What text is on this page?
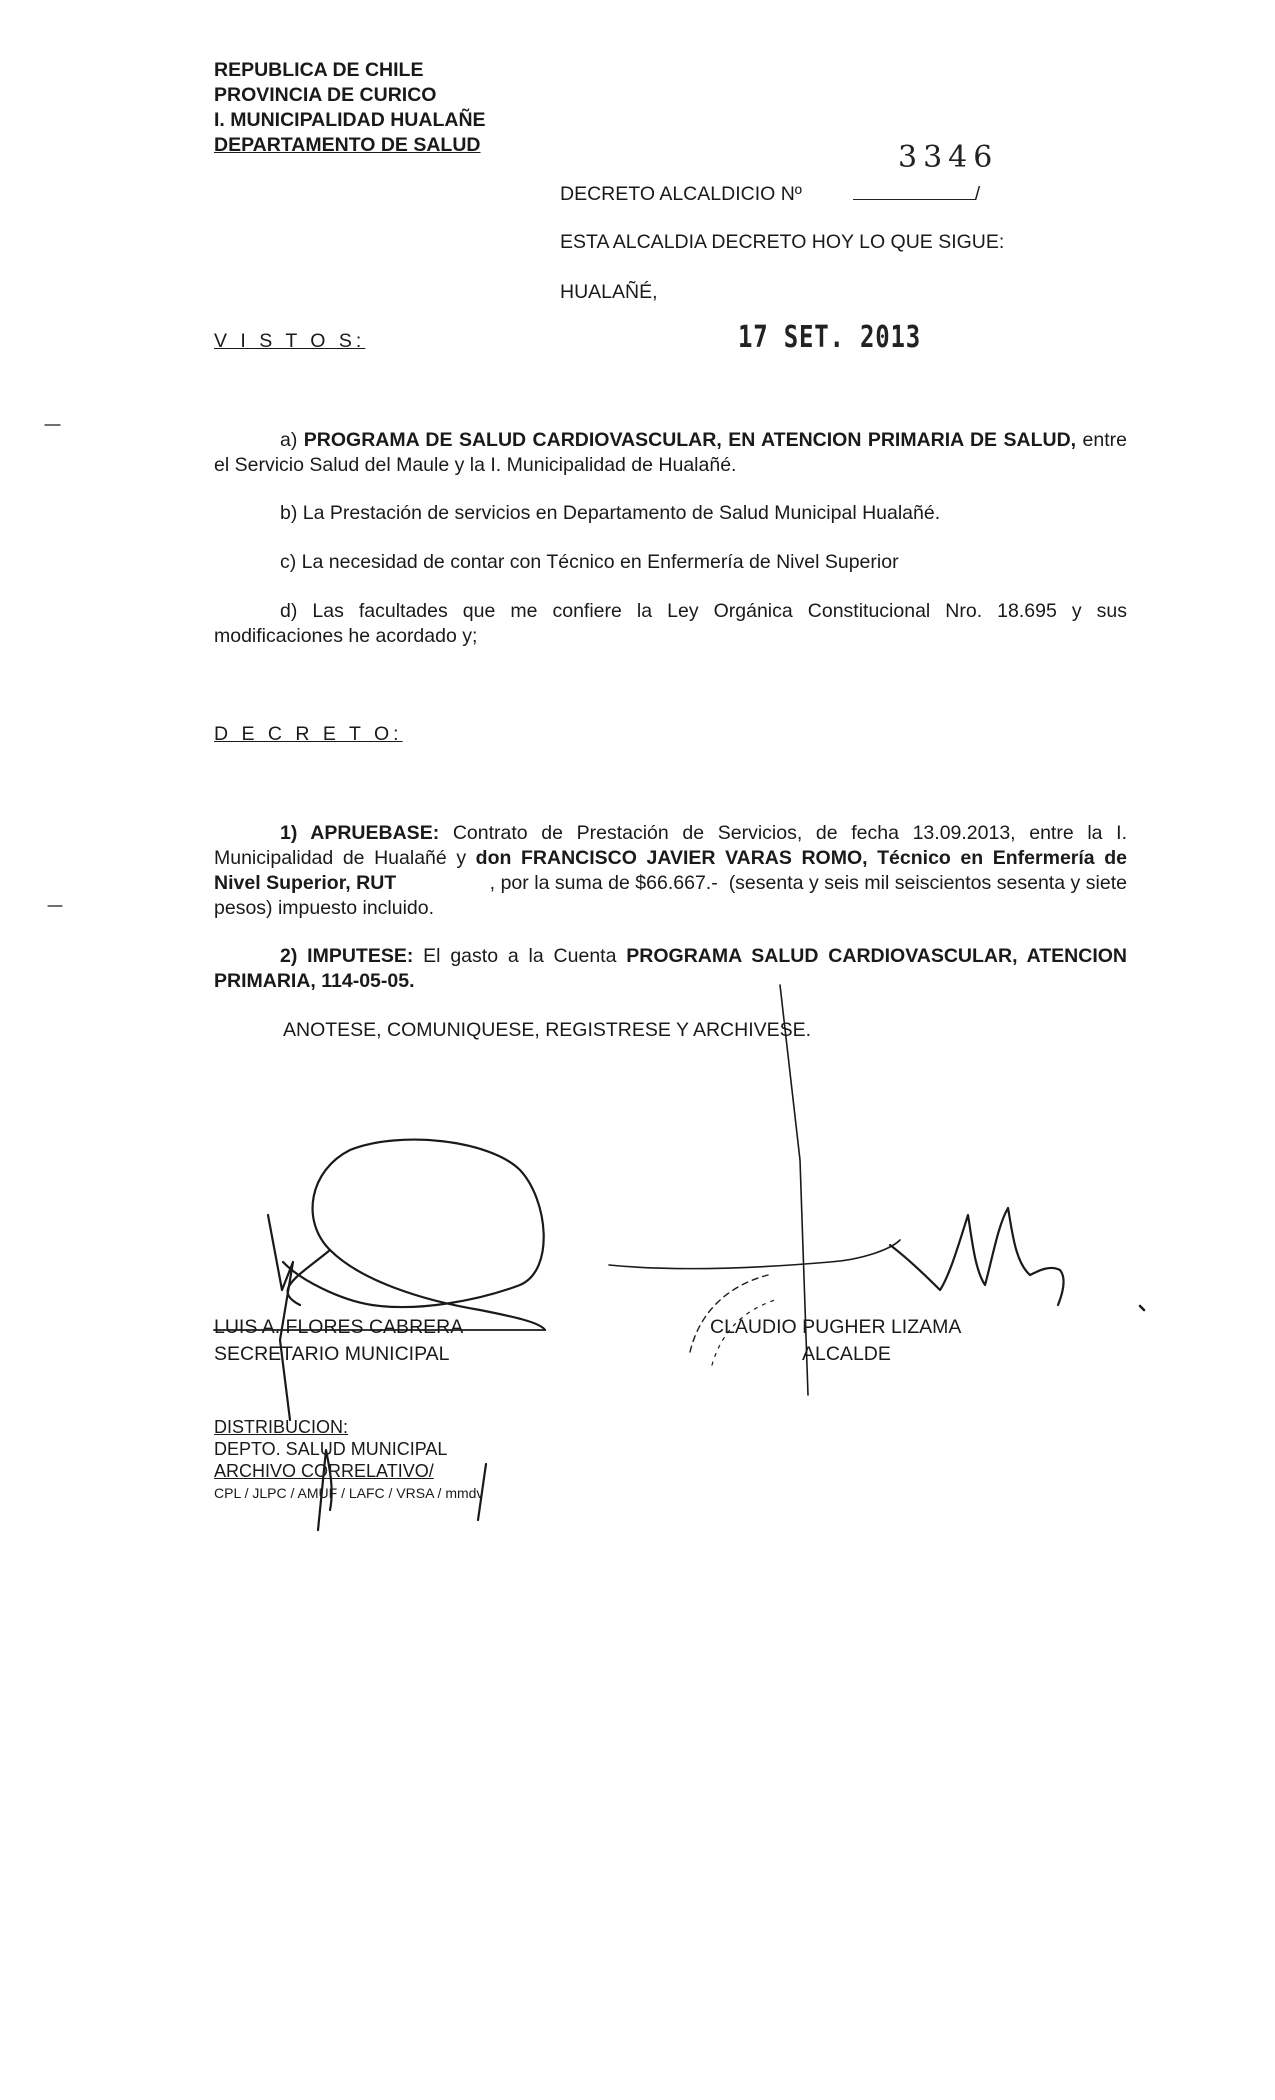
REPUBLICA DE CHILE
PROVINCIA DE CURICO
I. MUNICIPALIDAD HUALAÑE
DEPARTAMENTO DE SALUD	3346
DECRETO ALCALDICIO Nº	/
ESTA ALCALDIA DECRETO HOY LO QUE SIGUE:
HUALAÑÉ,
V I S T O S:	17 SET. 2013
a) PROGRAMA DE SALUD CARDIOVASCULAR, EN ATENCION PRIMARIA DE SALUD, entre el Servicio Salud del Maule y la I. Municipalidad de Hualañé.
b) La Prestación de servicios en Departamento de Salud Municipal Hualañé.
c) La necesidad de contar con Técnico en Enfermería de Nivel Superior
d) Las facultades que me confiere la Ley Orgánica Constitucional Nro. 18.695 y sus modificaciones he acordado y;
D E C R E T O:
1) APRUEBASE: Contrato de Prestación de Servicios, de fecha 13.09.2013, entre la I. Municipalidad de Hualañé y don FRANCISCO JAVIER VARAS ROMO, Técnico en Enfermería de Nivel Superior, RUT                 , por la suma de $66.667.-  (sesenta y seis mil seiscientos sesenta y siete pesos) impuesto incluido.
2) IMPUTESE: El gasto a la Cuenta PROGRAMA SALUD CARDIOVASCULAR, ATENCION PRIMARIA, 114-05-05.
ANOTESE, COMUNIQUESE, REGISTRESE Y ARCHIVESE.
LUIS A. FLORES CABRERA
SECRETARIO MUNICIPAL
CLAUDIO PUGHER LIZAMA
ALCALDE
DISTRIBUCION:
DEPTO. SALUD MUNICIPAL
ARCHIVO CORRELATIVO/
CPL / JLPC / AMUF / LAFC / VRSA / mmdv
